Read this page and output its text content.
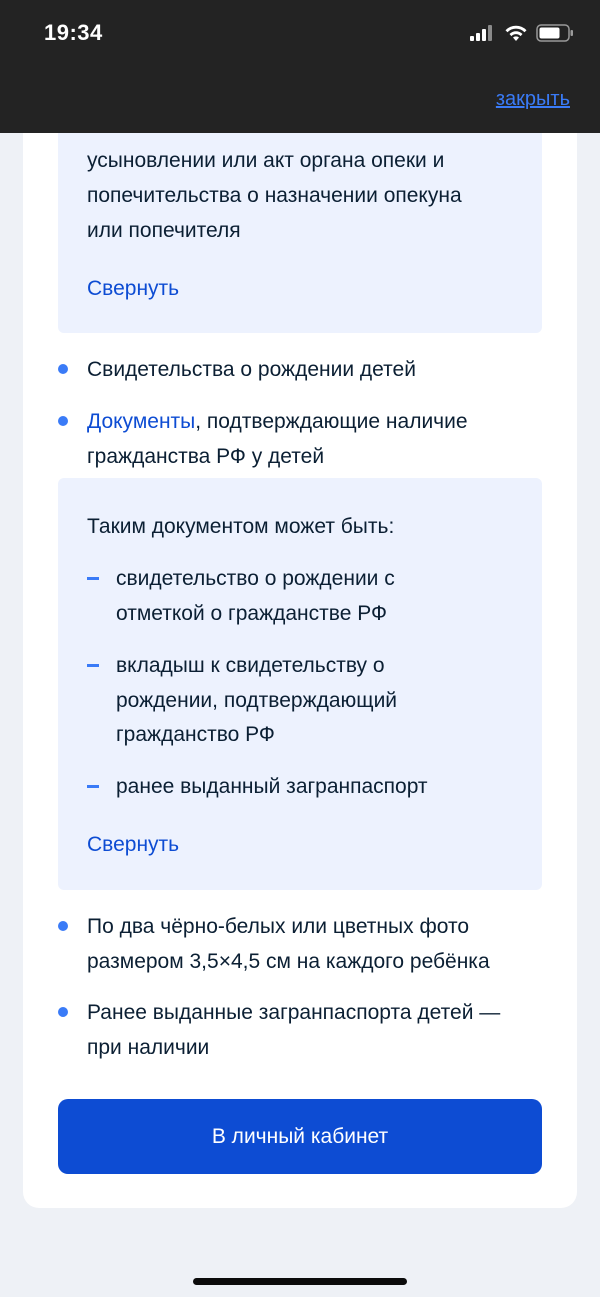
19:34
закрыть

усыновлении или акт органа опеки и

попечительства о назначении опекуна

или попечителя

Свернуть

Свидетельства о рождении детей

Документы, подтверждающие наличие

гражданства РФ у детей

Таким документом может быть:

свидетельство о рождении с

отметкой о гражданстве РФ

вкладыш к свидетельству о

рождении, подтверждающий

гражданство РФ

ранее выданный загранпаспорт

Свернуть

По два чёрно-белых или цветных фото

размером 3,5×4,5 см на каждого ребёнка

Ранее выданные загранпаспорта детей —

при наличии

В личный кабинет
